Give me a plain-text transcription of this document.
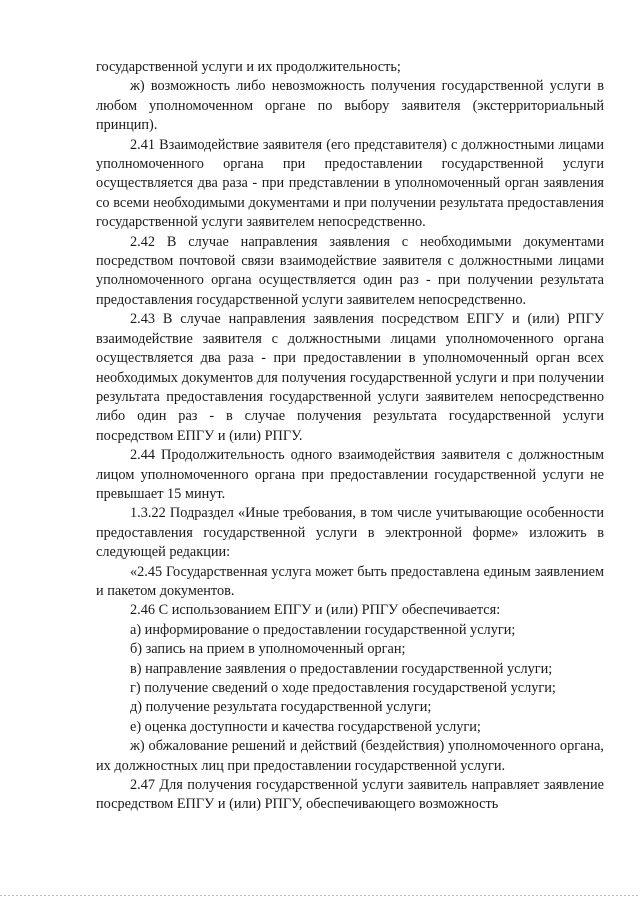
государственной услуги и их продолжительность;

ж) возможность либо невозможность получения государственной услуги в любом уполномоченном органе по выбору заявителя (экстерриториальный принцип).

2.41 Взаимодействие заявителя (его представителя) с должностными лицами уполномоченного органа при предоставлении государственной услуги осуществляется два раза - при представлении в уполномоченный орган заявления со всеми необходимыми документами и при получении результата предоставления государственной услуги заявителем непосредственно.

2.42 В случае направления заявления с необходимыми документами посредством почтовой связи взаимодействие заявителя с должностными лицами уполномоченного органа осуществляется один раз - при получении результата предоставления государственной услуги заявителем непосредственно.

2.43 В случае направления заявления посредством ЕПГУ и (или) РПГУ взаимодействие заявителя с должностными лицами уполномоченного органа осуществляется два раза - при предоставлении в уполномоченный орган всех необходимых документов для получения государственной услуги и при получении результата предоставления государственной услуги заявителем непосредственно либо один раз - в случае получения результата государственной услуги посредством ЕПГУ и (или) РПГУ.

2.44 Продолжительность одного взаимодействия заявителя с должностным лицом уполномоченного органа при предоставлении государственной услуги не превышает 15 минут.

1.3.22 Подраздел «Иные требования, в том числе учитывающие особенности предоставления государственной услуги в электронной форме» изложить в следующей редакции:

«2.45 Государственная услуга может быть предоставлена единым заявлением и пакетом документов.

2.46 С использованием ЕПГУ и (или) РПГУ обеспечивается:

а) информирование о предоставлении государственной услуги;

б) запись на прием в уполномоченный орган;

в) направление заявления о предоставлении государственной услуги;

г) получение сведений о ходе предоставления государственой услуги;

д) получение результата государственной услуги;

е) оценка доступности и качества государственой услуги;

ж) обжалование решений и действий (бездействия) уполномоченного органа, их должностных лиц при предоставлении государственной услуги.

2.47 Для получения государственной услуги заявитель направляет заявление посредством ЕПГУ и (или) РПГУ, обеспечивающего возможность
